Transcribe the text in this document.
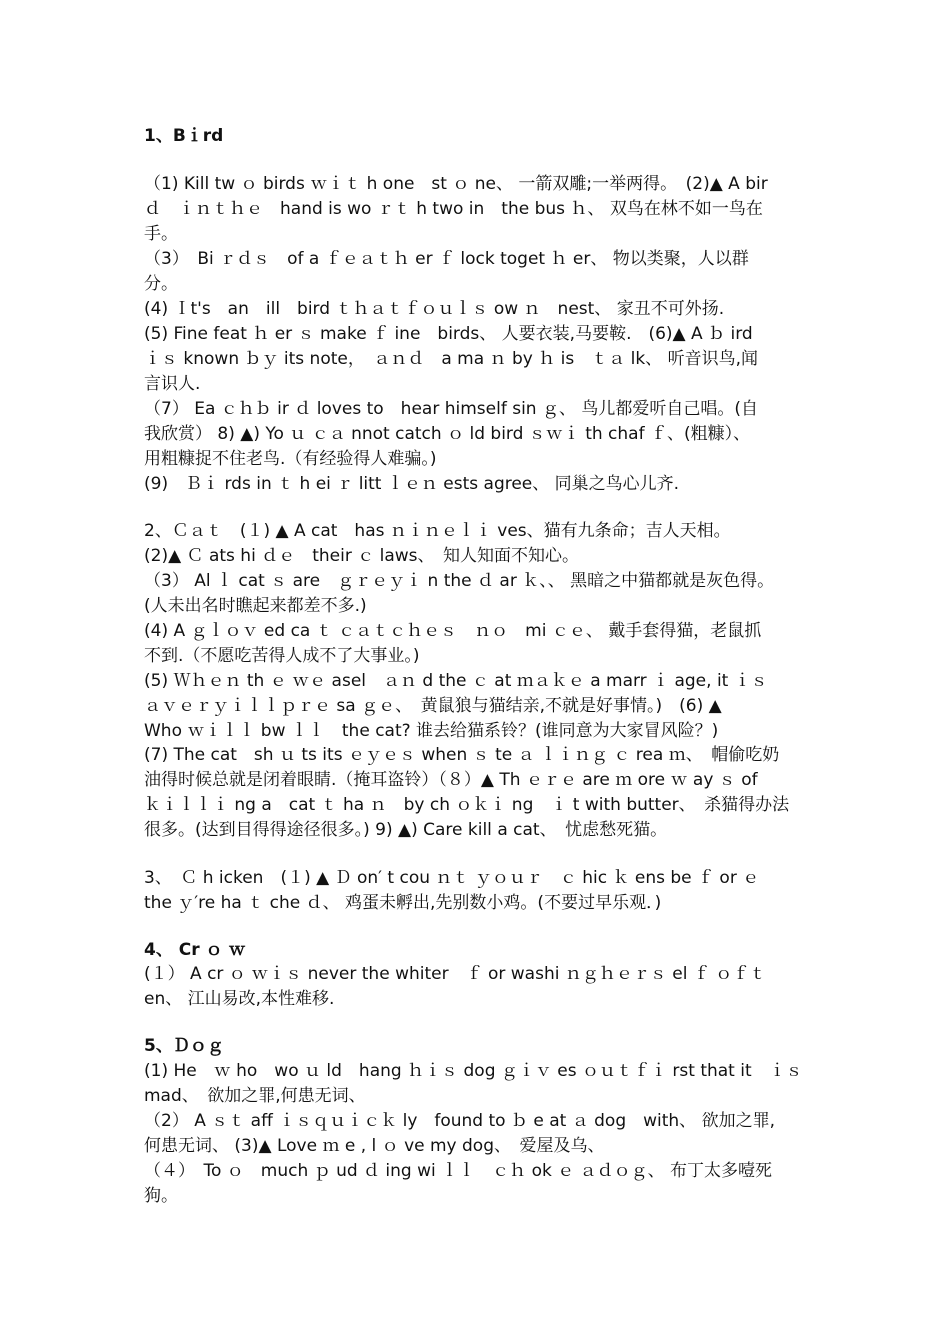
1、Bｉrd
（1) Kill tw ｏ birds ｗｉｔ h one　st ｏ ne、 一箭双雕;一举两得。　(2)▲ A bir
ｄ　ｉｎｔｈｅ　hand is wo ｒｔ h two in　the bus ｈ、 双鸟在林不如一鸟在
手。
（3）　Bi ｒｄｓ　of a ｆｅａｔｈ er ｆ lock toget ｈ er、 物以类聚，人以群
分。
(4) Ｉt's　an　ill　bird ｔｈａｔｆｏｕｌｓ ow ｎ　nest、 家丑不可外扬.
(5) Fine feat ｈ er ｓ make ｆ ine　birds、 人要衣装,马要鞍.　(6)▲ A ｂ ird
ｉｓ known ｂｙ its note，　ａｎｄ　a ma ｎ by ｈ is　ｔａ lk、 听音识鸟,闻
言识人.
（7） Ea ｃｈｂ ir ｄ loves to　hear himself sin ｇ、 鸟儿都爱听自己唱。(自
我欣赏） 8) ▲) Yo ｕ ｃａ nnot catch ｏ ld bird ｓｗｉ th chaf ｆ、(粗糠）、
用粗糠捉不住老鸟.（有经验得人难骗。)
(9)　Ｂｉ rds in ｔ h ei ｒ litt ｌｅｎ ests agree、 同巢之鸟心儿齐.
2、Ｃａｔ　(１) ▲ A cat　has ｎｉｎｅｌｉ ves、猫有九条命；吉人天相。
(2)▲ Ｃ ats hi ｄｅ　their ｃ laws、　知人知面不知心。
（3） Al ｌ cat ｓ are　ｇｒｅｙｉ n the ｄ ar ｋ、、 黑暗之中猫都就是灰色得。
(人未出名时瞧起来都差不多.)
(4) A ｇｌｏｖ ed ca ｔ ｃａｔｃｈｅｓ　ｎｏ　mi ｃｅ、 戴手套得猫，老鼠抓
不到.（不愿吃苦得人成不了大事业。)
(5) Ｗｈｅｎ th ｅ ｗｅ asel　ａｎ d the ｃ at ｍａｋｅ a marr ｉ age, it ｉｓ
ａｖｅｒｙｉｌｌｐｒｅ sa ｇｅ、　黄鼠狼与猫结亲,不就是好事情。)　(6) ▲
Who ｗｉｌｌ bw ｌｌ　the cat? 谁去给猫系铃？(谁同意为大家冒风险？)
(7) The cat　sh ｕ ts its ｅｙｅｓ when ｓ te ａ ｌｉｎｇ ｃ rea ｍ、　帽偷吃奶
油得时候总就是闭着眼睛.（掩耳盗铃）（８）▲ Th ｅｒｅ are ｍ ore ｗ ay ｓ of
ｋｉｌｌｉ ng a　cat ｔ ha ｎ　by ch ｏｋｉ ng　ｉ t with butter、　杀猫得办法
很多。(达到目得得途径很多。) 9) ▲) Care kill a cat、　忧虑愁死猫。
3、　Ｃ h icken　(１) ▲ Ｄ on′ t cou ｎｔ ｙｏｕｒ　ｃ hic ｋ ens be ｆ or ｅ
the ｙ′re ha ｔ che ｄ、 鸡蛋未孵出,先别数小鸡。(不要过早乐观．)
4、 Cr ｏ ｗ
(１） A cr ｏ ｗｉｓ never the whiter　ｆ or washi ｎｇｈｅｒｓ el ｆ ｏｆｔ
en、 江山易改,本性难移.
5、Ｄｏｇ
(1) He　ｗ ho　wo ｕ ld　hang ｈｉｓ dog ｇｉｖ es ｏｕｔｆｉ rst that it　ｉｓ
mad、　欲加之罪,何患无词、
（2） A ｓｔ aff ｉｓｑｕｉｃｋ ly　found to ｂ e at ａ dog　with、 欲加之罪,
何患无词、 (3)▲ Love ｍ e , l ｏ ve my dog、　爱屋及乌、
（４）　To ｏ　much ｐ ud ｄ ing wi ｌｌ　ｃｈ ok ｅ ａｄｏｇ、 布丁太多噎死
狗。
